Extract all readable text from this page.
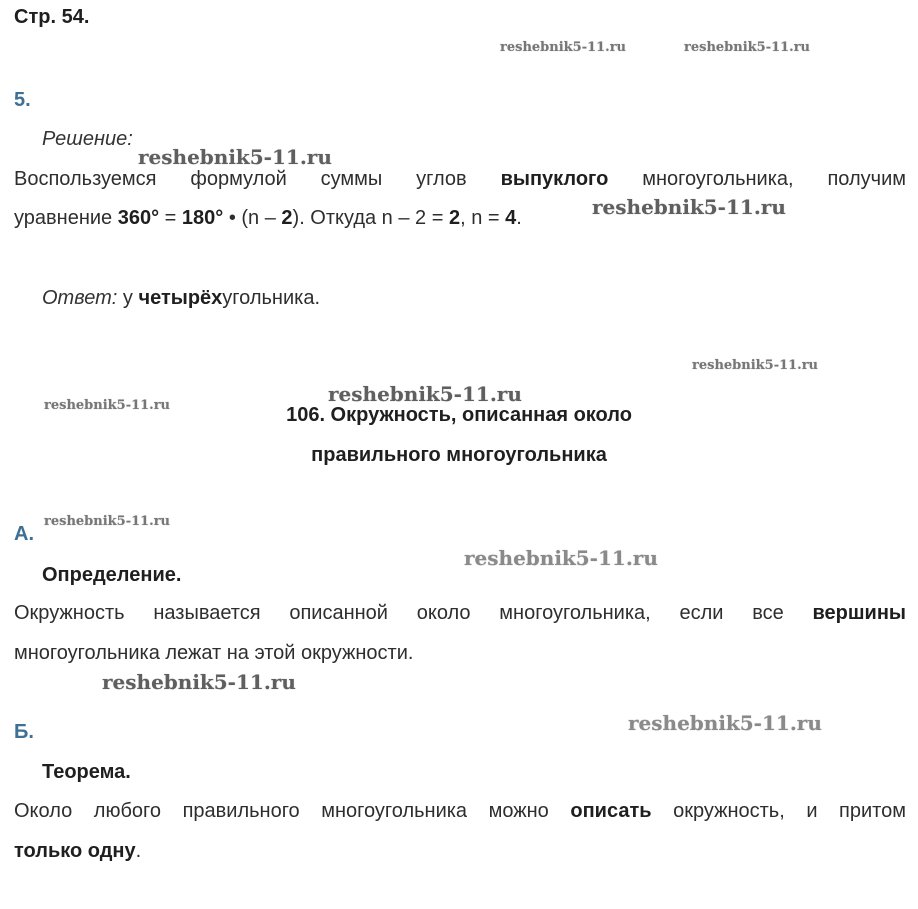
Стр. 54.
5.
Решение:
Воспользуемся формулой суммы углов выпуклого многоугольника, получим
уравнение 360° = 180° • (n – 2). Откуда n – 2 = 2, n = 4.
Ответ: у четырёхугольника.
106. Окружность, описанная около
правильного многоугольника
А.
Определение.
Окружность называется описанной около многоугольника, если все вершины
многоугольника лежат на этой окружности.
Б.
Теорема.
Около любого правильного многоугольника можно описать окружность, и притом
только одну.
reshebnik5-11.ru	reshebnik5-11.ru
reshebnik5-11.ru
reshebnik5-11.ru
reshebnik5-11.ru
reshebnik5-11.ru
reshebnik5-11.ru
reshebnik5-11.ru
reshebnik5-11.ru
reshebnik5-11.ru
reshebnik5-11.ru
